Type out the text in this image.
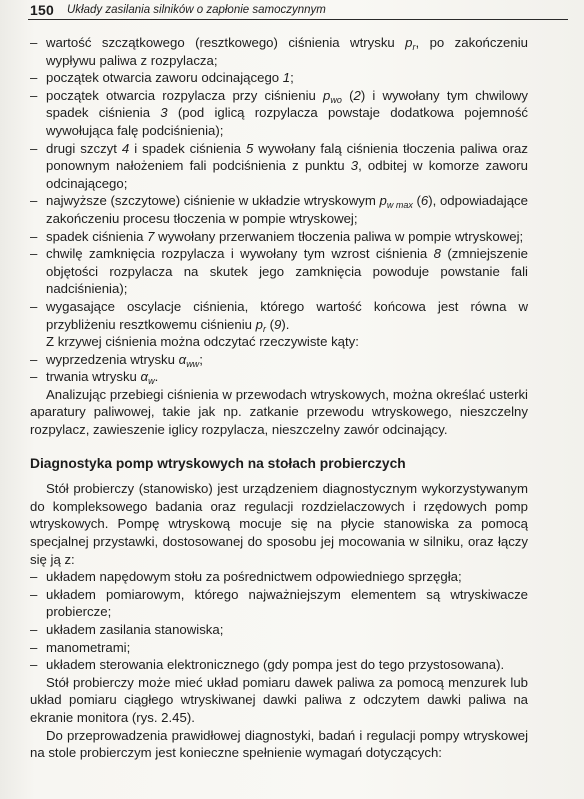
150 Układy zasilania silników o zapłonie samoczynnym

– wartość szczątkowego (resztkowego) ciśnienia wtrysku $p_r$, po zakończeniu wypływu paliwa z rozpylacza;

– początek otwarcia zaworu odcinającego 1;

– początek otwarcia rozpylacza przy ciśnieniu $p_{wo}$ (2) i wywołany tym chwilowy spadek ciśnienia 3 (pod iglicą rozpylacza powstaje dodatkowa pojemność wywołująca falę podciśnienia);

– drugi szczyt 4 i spadek ciśnienia 5 wywołany falą ciśnienia tłoczenia paliwa oraz ponownym nałożeniem fali podciśnienia z punktu 3, odbitej w komorze zaworu odcinającego;

– najwyższe (szczytowe) ciśnienie w układzie wtryskowym $p_{w max}$ (6), odpowiadające zakończeniu procesu tłoczenia w pompie wtryskowej;

– spadek ciśnienia 7 wywołany przerwaniem tłoczenia paliwa w pompie wtryskowej;

– chwilę zamknięcia rozpylacza i wywołany tym wzrost ciśnienia 8 (zmniejszenie objętości rozpylacza na skutek jego zamknięcia powoduje powstanie fali nadciśnienia);

– wygasające oscylacje ciśnienia, którego wartość końcowa jest równa w przybliżeniu resztkowemu ciśnieniu $p_r$ (9).

Z krzywej ciśnienia można odczytać rzeczywiste kąty:

– wyprzedzenia wtrysku $\alpha_{ww}$;

– trwania wtrysku $\alpha_w$.

Analizując przebiegi ciśnienia w przewodach wtryskowych, można określać usterki aparatury paliwowej, takie jak np. zatkanie przewodu wtryskowego, nieszczelny rozpylacz, zawieszenie iglicy rozpylacza, nieszczelny zawór odcinający.

Diagnostyka pomp wtryskowych na stołach probierczych

Stół probierczy (stanowisko) jest urządzeniem diagnostycznym wykorzystywanym do kompleksowego badania oraz regulacji rozdzielaczowych i rzędowych pomp wtryskowych. Pompę wtryskową mocuje się na płycie stanowiska za pomocą specjalnej przystawki, dostosowanej do sposobu jej mocowania w silniku, oraz łączy się ją z:

– układem napędowym stołu za pośrednictwem odpowiedniego sprzęgła;

– układem pomiarowym, którego najważniejszym elementem są wtryskiwacze probiercze;

– układem zasilania stanowiska;

– manometrami;

– układem sterowania elektronicznego (gdy pompa jest do tego przystosowana).

Stół probierczy może mieć układ pomiaru dawek paliwa za pomocą menzurek lub układ pomiaru ciągłego wtryskiwanej dawki paliwa z odczytem dawki paliwa na ekranie monitora (rys. 2.45).

Do przeprowadzenia prawidłowej diagnostyki, badań i regulacji pompy wtryskowej na stole probierczym jest konieczne spełnienie wymagań dotyczących:
